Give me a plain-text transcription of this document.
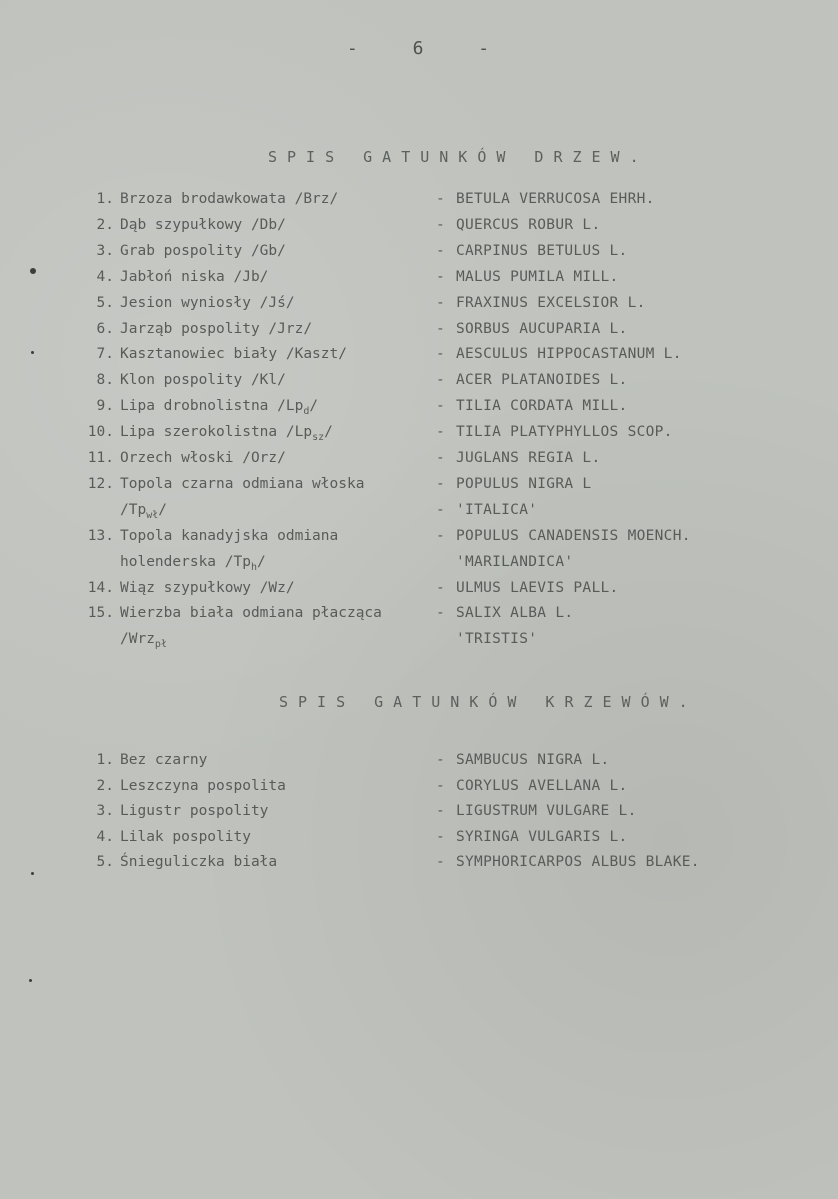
-	6	-
SPIS GATUNKÓW DRZEW.
1. Brzoza brodawkowata /Brz/	- BETULA VERRUCOSA EHRH.
2. Dąb szypułkowy /Db/	- QUERCUS ROBUR L.
3. Grab pospolity /Gb/	- CARPINUS BETULUS L.
4. Jabłoń niska /Jb/	- MALUS PUMILA MILL.
5. Jesion wyniosły /Jś/	- FRAXINUS EXCELSIOR L.
6. Jarząb pospolity /Jrz/	- SORBUS AUCUPARIA L.
7. Kasztanowiec biały /Kaszt/	- AESCULUS HIPPOCASTANUM L.
8. Klon pospolity /Kl/	- ACER PLATANOIDES L.
9. Lipa drobnolistna $/Lp_d/$	- TILIA CORDATA MILL.
10. Lipa szerokolistna $/Lp_{sz}/$	- TILIA PLATYPHYLLOS SCOP.
11. Orzech włoski /Orz/	- JUGLANS REGIA L.
12. Topola czarna odmiana włoska	- POPULUS NIGRA L
$/Tp_{wł}/$	- 'ITALICA'
13. Topola kanadyjska odmiana	- POPULUS CANADENSIS MOENCH.
holenderska $/Tp_h/$	'MARILANDICA'
14. Wiąz szypułkowy /Wz/	- ULMUS LAEVIS PALL.
15. Wierzba biała odmiana płacząca	- SALIX ALBA L.
/Wrz$_{pł}$	'TRISTIS'
SPIS GATUNKÓW KRZEWÓW.
1. Bez czarny	- SAMBUCUS NIGRA L.
2. Leszczyna pospolita	- CORYLUS AVELLANA L.
3. Ligustr pospolity	- LIGUSTRUM VULGARE L.
4. Lilak pospolity	- SYRINGA VULGARIS L.
5. Śnieguliczka biała	- SYMPHORICARPOS ALBUS BLAKE.
